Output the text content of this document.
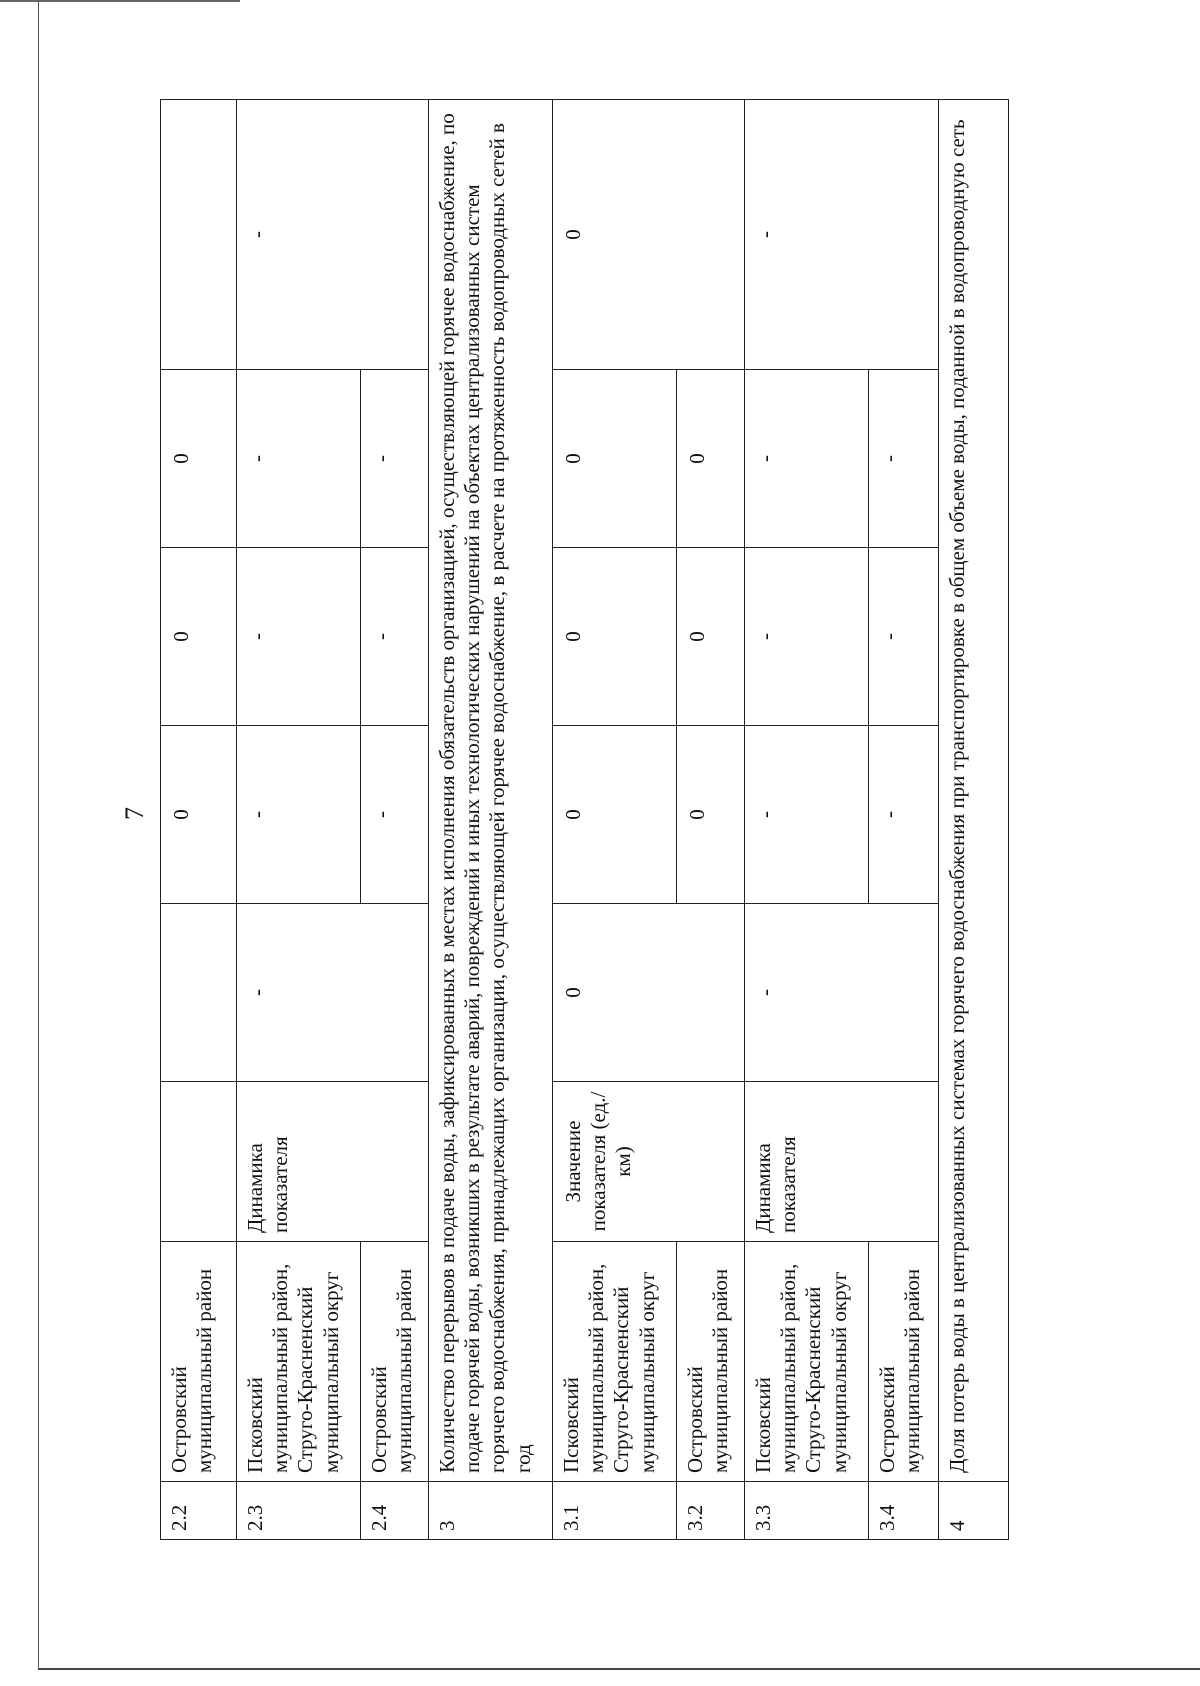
7
2.2	Островский муниципальный район			0	0	0	
2.3	Псковский муниципальный район, Струго-Красненский муниципальный округ	Динамика показателя	-	-	-	-	-
2.4	Островский муниципальный район			-	-	-	
3	Количество перерывов в подаче воды, зафиксированных в местах исполнения обязательств организацией, осуществляющей горячее водоснабжение, по подаче горячей воды, возникших в результате аварий, повреждений и иных технологических нарушений на объектах централизованных систем горячего водоснабжения, принадлежащих организации, осуществляющей горячее водоснабжение, в расчете на протяженность водопроводных сетей в год						
3.1	Псковский муниципальный район, Струго-Красненский муниципальный округ	Значение показателя (ед./км)	0	0	0	0	0
3.2	Островский муниципальный район			0	0	0	
3.3	Псковский муниципальный район, Струго-Красненский муниципальный округ	Динамика показателя	-	-	-	-	-
3.4	Островский муниципальный район			-	-	-	
4	Доля потерь воды в централизованных системах горячего водоснабжения при транспортировке в общем объеме воды, поданной в водопроводную сеть						
